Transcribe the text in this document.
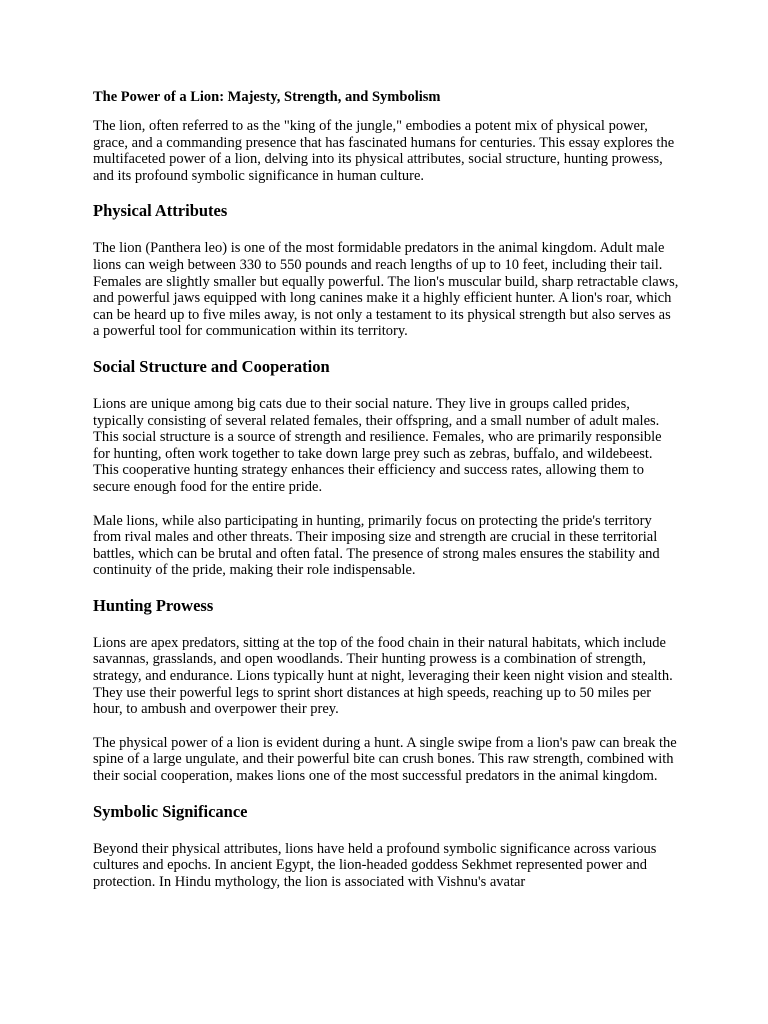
The Power of a Lion: Majesty, Strength, and Symbolism

The lion, often referred to as the "king of the jungle," embodies a potent mix of physical power, grace, and a commanding presence that has fascinated humans for centuries. This essay explores the multifaceted power of a lion, delving into its physical attributes, social structure, hunting prowess, and its profound symbolic significance in human culture.

Physical Attributes

The lion (Panthera leo) is one of the most formidable predators in the animal kingdom. Adult male lions can weigh between 330 to 550 pounds and reach lengths of up to 10 feet, including their tail. Females are slightly smaller but equally powerful. The lion's muscular build, sharp retractable claws, and powerful jaws equipped with long canines make it a highly efficient hunter. A lion's roar, which can be heard up to five miles away, is not only a testament to its physical strength but also serves as a powerful tool for communication within its territory.

Social Structure and Cooperation

Lions are unique among big cats due to their social nature. They live in groups called prides, typically consisting of several related females, their offspring, and a small number of adult males. This social structure is a source of strength and resilience. Females, who are primarily responsible for hunting, often work together to take down large prey such as zebras, buffalo, and wildebeest. This cooperative hunting strategy enhances their efficiency and success rates, allowing them to secure enough food for the entire pride.

Male lions, while also participating in hunting, primarily focus on protecting the pride's territory from rival males and other threats. Their imposing size and strength are crucial in these territorial battles, which can be brutal and often fatal. The presence of strong males ensures the stability and continuity of the pride, making their role indispensable.

Hunting Prowess

Lions are apex predators, sitting at the top of the food chain in their natural habitats, which include savannas, grasslands, and open woodlands. Their hunting prowess is a combination of strength, strategy, and endurance. Lions typically hunt at night, leveraging their keen night vision and stealth. They use their powerful legs to sprint short distances at high speeds, reaching up to 50 miles per hour, to ambush and overpower their prey.

The physical power of a lion is evident during a hunt. A single swipe from a lion's paw can break the spine of a large ungulate, and their powerful bite can crush bones. This raw strength, combined with their social cooperation, makes lions one of the most successful predators in the animal kingdom.

Symbolic Significance

Beyond their physical attributes, lions have held a profound symbolic significance across various cultures and epochs. In ancient Egypt, the lion-headed goddess Sekhmet represented power and protection. In Hindu mythology, the lion is associated with Vishnu's avatar
